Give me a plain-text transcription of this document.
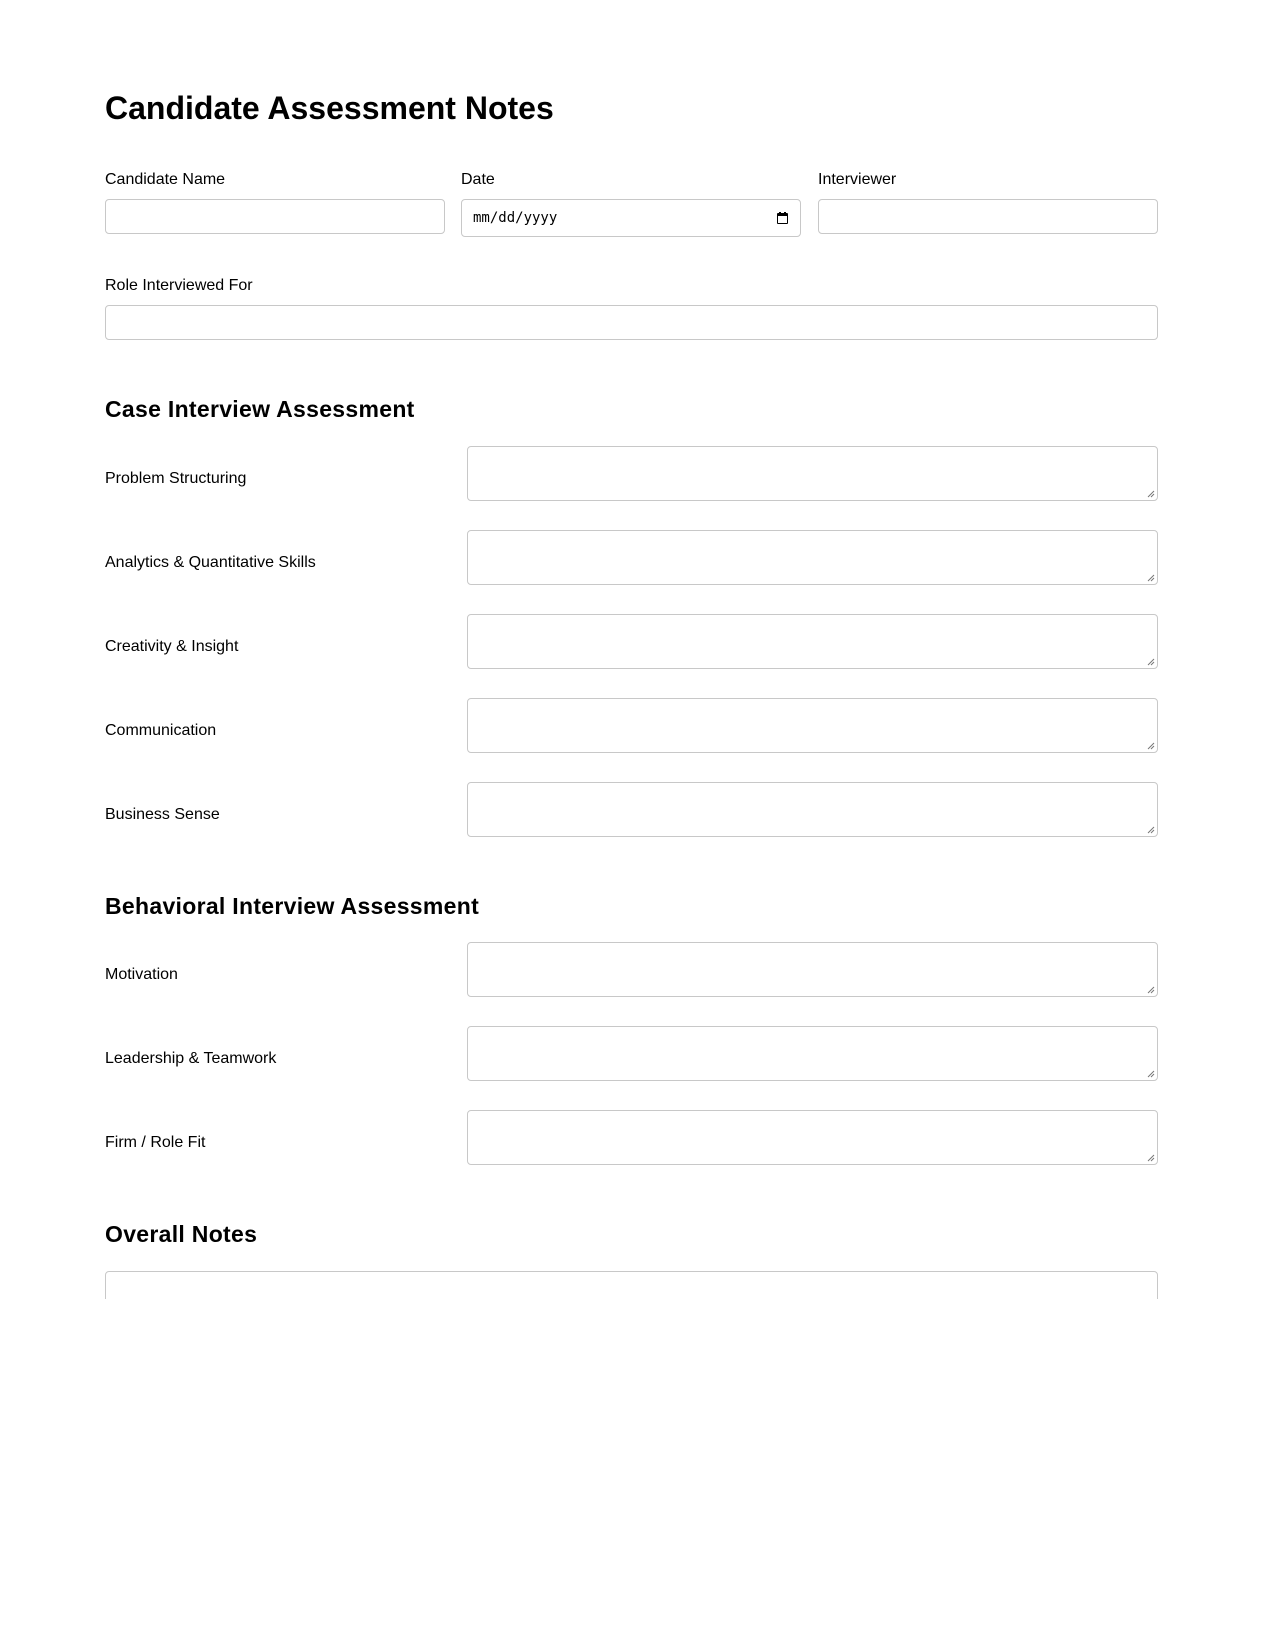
Candidate Assessment Notes
Candidate Name	Date
mm/dd/yyyy
Interviewer
Role Interviewed For
Case Interview Assessment
Problem Structuring
Analytics & Quantitative Skills
Creativity & Insight
Communication
Business Sense
Behavioral Interview Assessment
Motivation
Leadership & Teamwork
Firm / Role Fit
Overall Notes
